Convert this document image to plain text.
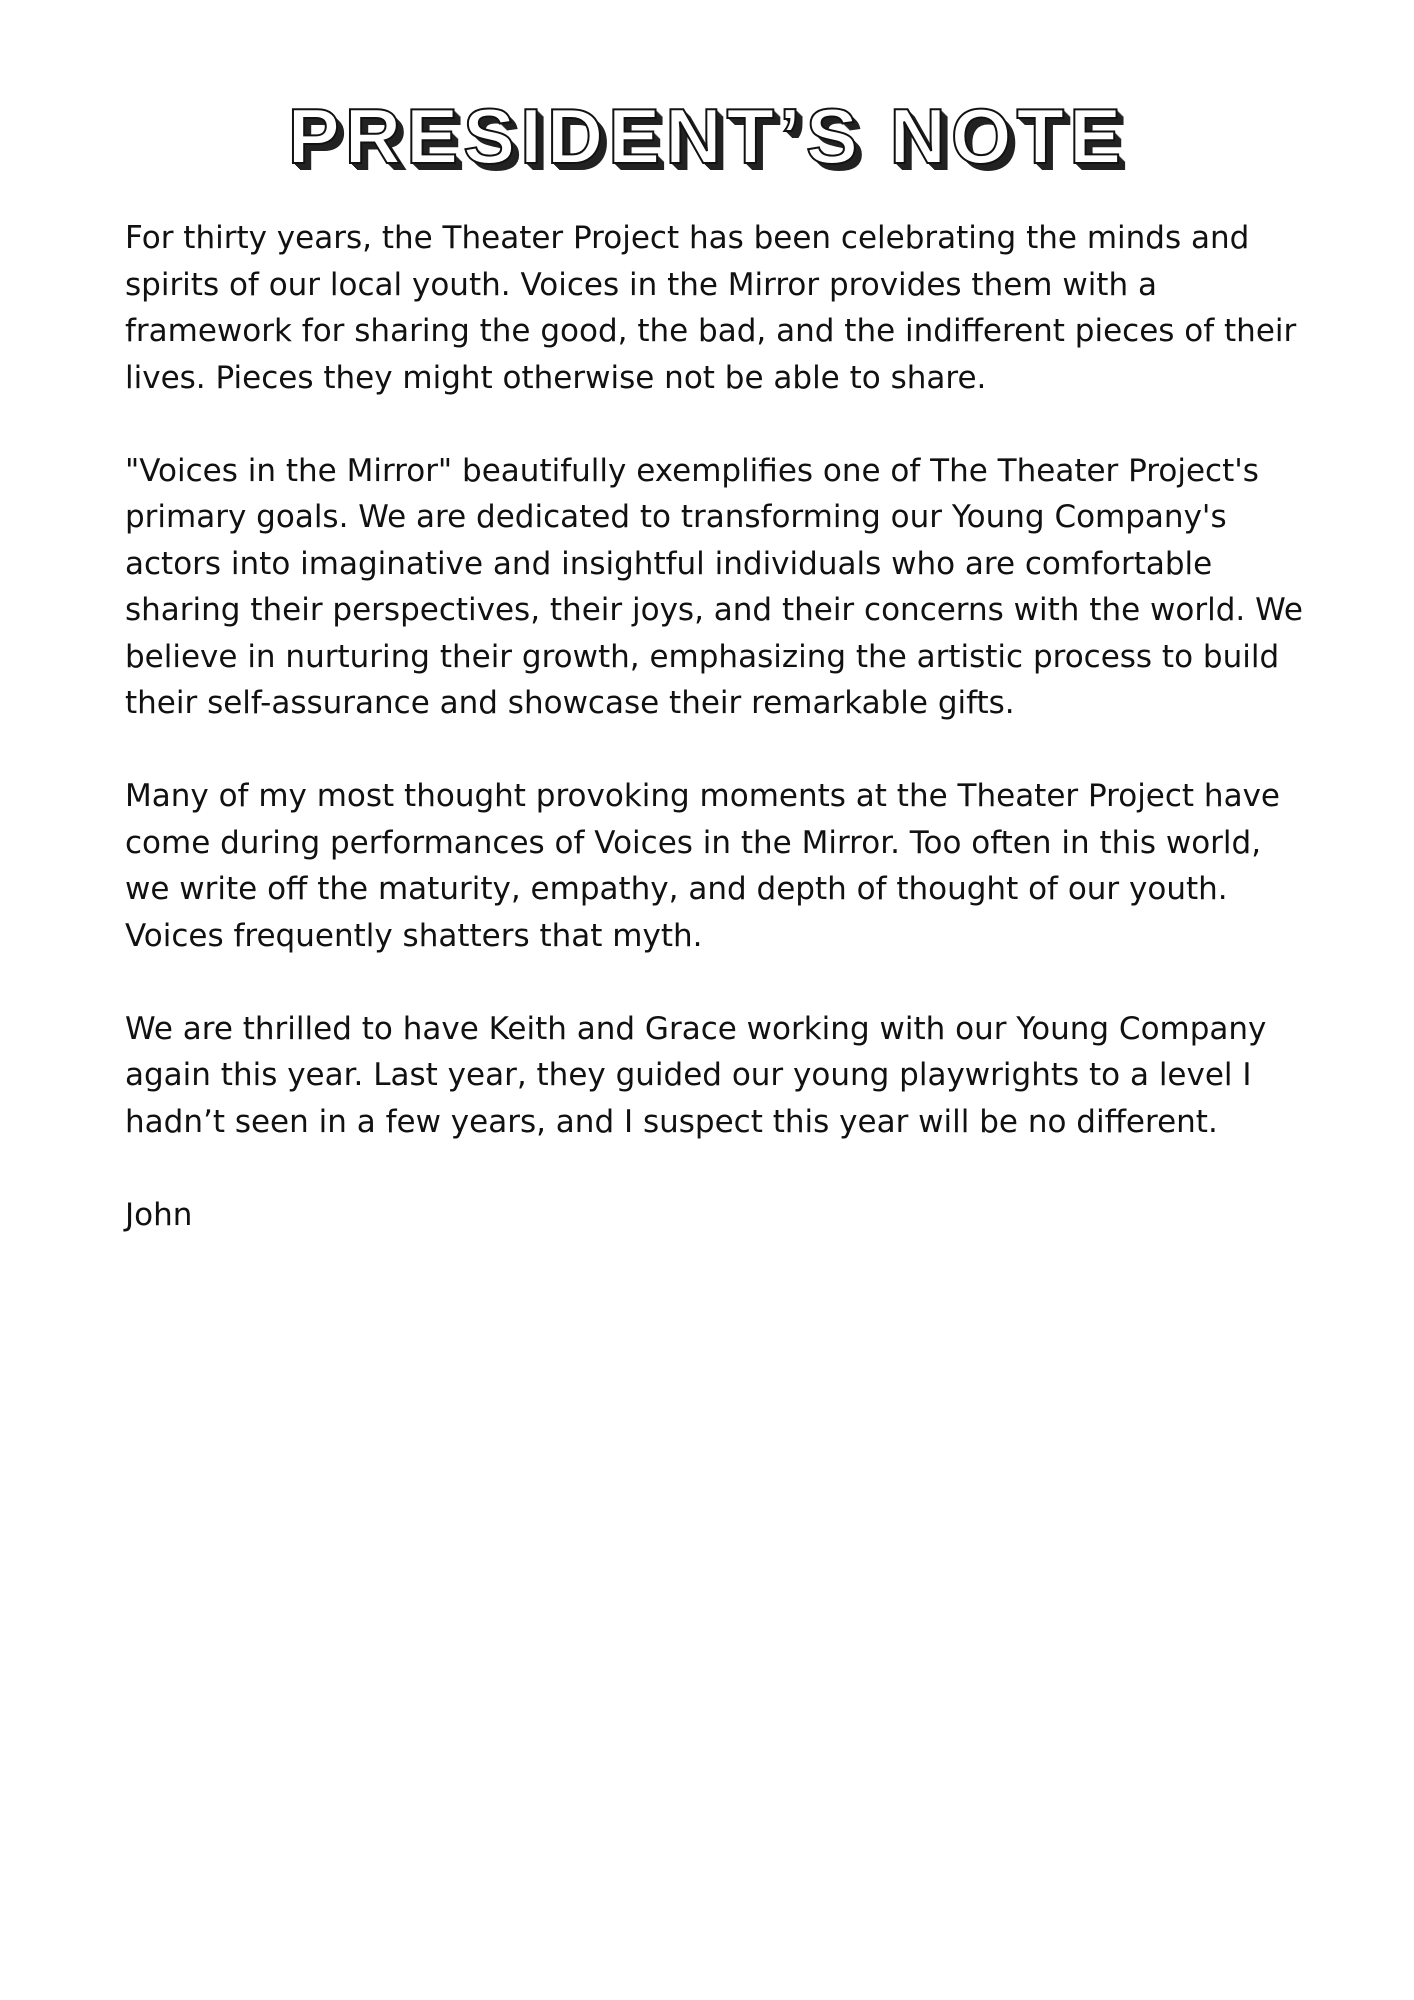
PRESIDENT’S NOTE

For thirty years, the Theater Project has been celebrating the minds and spirits of our local youth. Voices in the Mirror provides them with a framework for sharing the good, the bad, and the indifferent pieces of their lives. Pieces they might otherwise not be able to share.

"Voices in the Mirror" beautifully exemplifies one of The Theater Project's primary goals. We are dedicated to transforming our Young Company's actors into imaginative and insightful individuals who are comfortable sharing their perspectives, their joys, and their concerns with the world. We believe in nurturing their growth, emphasizing the artistic process to build their self-assurance and showcase their remarkable gifts.

Many of my most thought provoking moments at the Theater Project have come during performances of Voices in the Mirror. Too often in this world, we write off the maturity, empathy, and depth of thought of our youth. Voices frequently shatters that myth.

We are thrilled to have Keith and Grace working with our Young Company again this year. Last year, they guided our young playwrights to a level I hadn’t seen in a few years, and I suspect this year will be no different.

John
